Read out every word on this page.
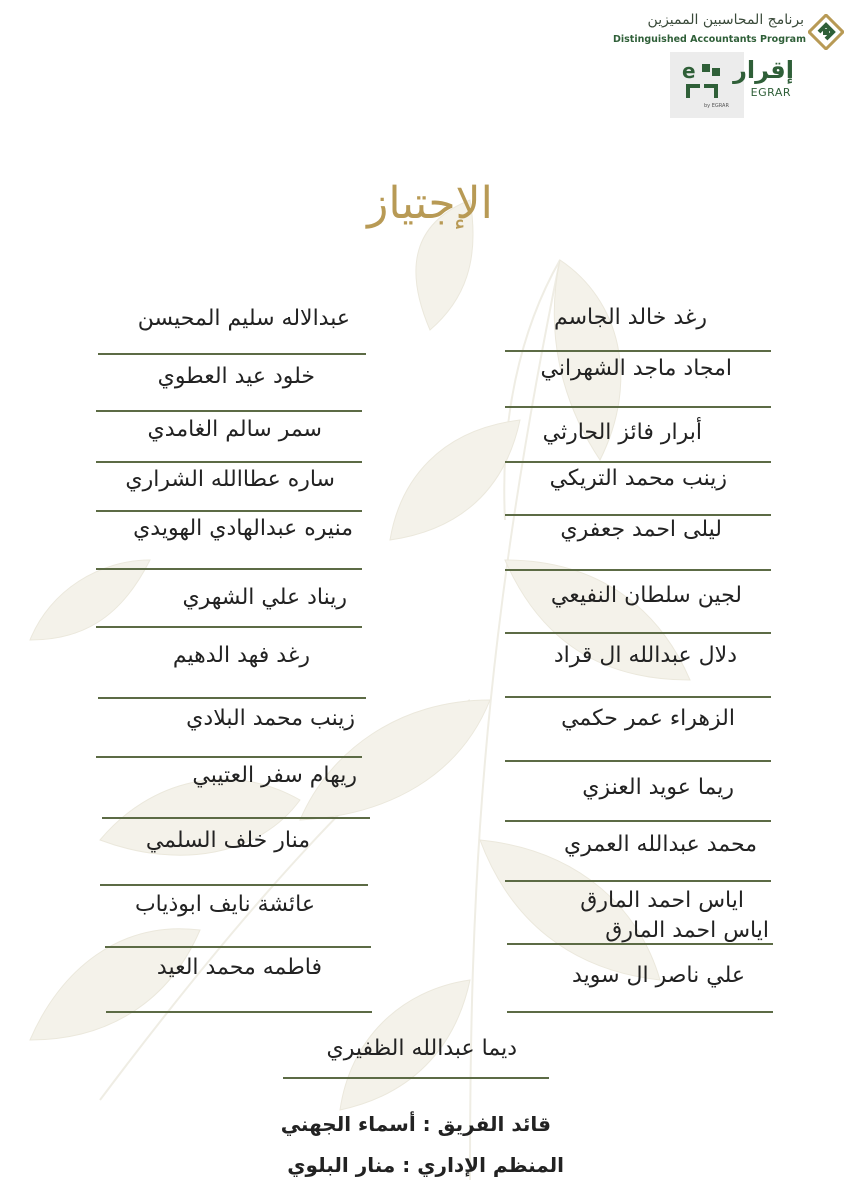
برنامج المحاسبين المميزين
Distinguished Accountants Program
e
by EGRAR
إقرار
EGRAR
الإجتياز
رغد خالد الجاسم
امجاد ماجد الشهراني
أبرار فائز الحارثي
زينب محمد التريكي
ليلى احمد جعفري
لجين سلطان النفيعي
دلال عبدالله ال قراد
الزهراء عمر حكمي
ريما عويد العنزي
محمد عبدالله العمري
اياس احمد المارق
اياس احمد المارق
علي ناصر ال سويد
عبدالاله سليم المحيسن
خلود عيد العطوي
سمر سالم الغامدي
ساره عطاالله الشراري
منيره عبدالهادي الهويدي
ريناد علي الشهري
رغد فهد الدهيم
زينب محمد البلادي
ريهام سفر العتيبي
منار خلف السلمي
عائشة نايف ابوذياب
فاطمه محمد العيد
ديما عبدالله الظفيري
قائد الفريق : أسماء الجهني
المنظم الإداري : منار البلوي
